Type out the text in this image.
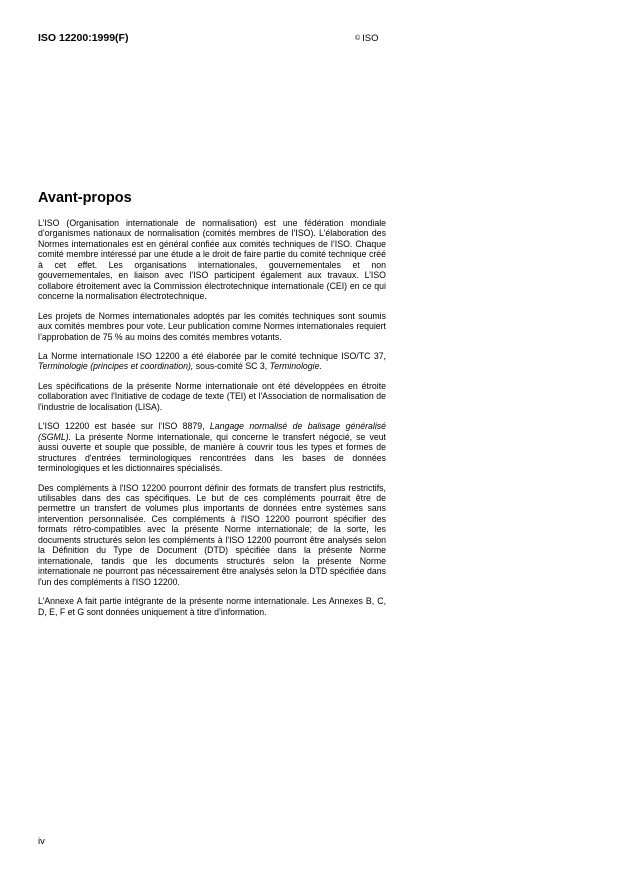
ISO 12200:1999(F)	© ISO
Avant-propos

L’ISO (Organisation internationale de normalisation) est une fédération mondiale d’organismes nationaux de normalisation (comités membres de l’ISO). L’élaboration des Normes internationales est en général confiée aux comités techniques de l’ISO. Chaque comité membre intéressé par une étude a le droit de faire partie du comité technique créé à cet effet. Les organisations internationales, gouvernementales et non gouvernementales, en liaison avec l’ISO participent également aux travaux. L’ISO collabore étroitement avec la Commission électrotechnique internationale (CEI) en ce qui concerne la normalisation électrotechnique.

Les projets de Normes internationales adoptés par les comités techniques sont soumis aux comités membres pour vote. Leur publication comme Normes internationales requiert l’approbation de 75 % au moins des comités membres votants.

La Norme internationale ISO 12200 a été élaborée par le comité technique ISO/TC 37, Terminologie (principes et coordination), sous-comité SC 3, Terminologie.

Les spécifications de la présente Norme internationale ont été développées en étroite collaboration avec l'Initiative de codage de texte (TEI) et l'Association de normalisation de l'industrie de localisation (LISA).

L'ISO 12200 est basée sur l’ISO 8879, Langage normalisé de balisage généralisé (SGML). La présente Norme internationale, qui concerne le transfert négocié, se veut aussi ouverte et souple que possible, de manière à couvrir tous les types et formes de structures d'entrées terminologiques rencontrées dans les bases de données terminologiques et les dictionnaires spécialisés.

Des compléments à l'ISO 12200 pourront définir des formats de transfert plus restrictifs, utilisables dans des cas spécifiques. Le but de ces compléments pourrait être de permettre un transfert de volumes plus importants de données entre systèmes sans intervention personnalisée. Ces compléments à l'ISO 12200 pourront spécifier des formats rétro-compatibles avec la présente Norme internationale; de la sorte, les documents structurés selon les compléments à l'ISO 12200 pourront être analysés selon la Définition du Type de Document (DTD) spécifiée dans la présente Norme internationale, tandis que les documents structurés selon la présente Norme internationale ne pourront pas nécessairement être analysés selon la DTD spécifiée dans l'un des compléments à l'ISO 12200.

L’Annexe A fait partie intégrante de la présente norme internationale. Les Annexes B, C, D, E, F et G sont données uniquement à titre d’information.

iv
